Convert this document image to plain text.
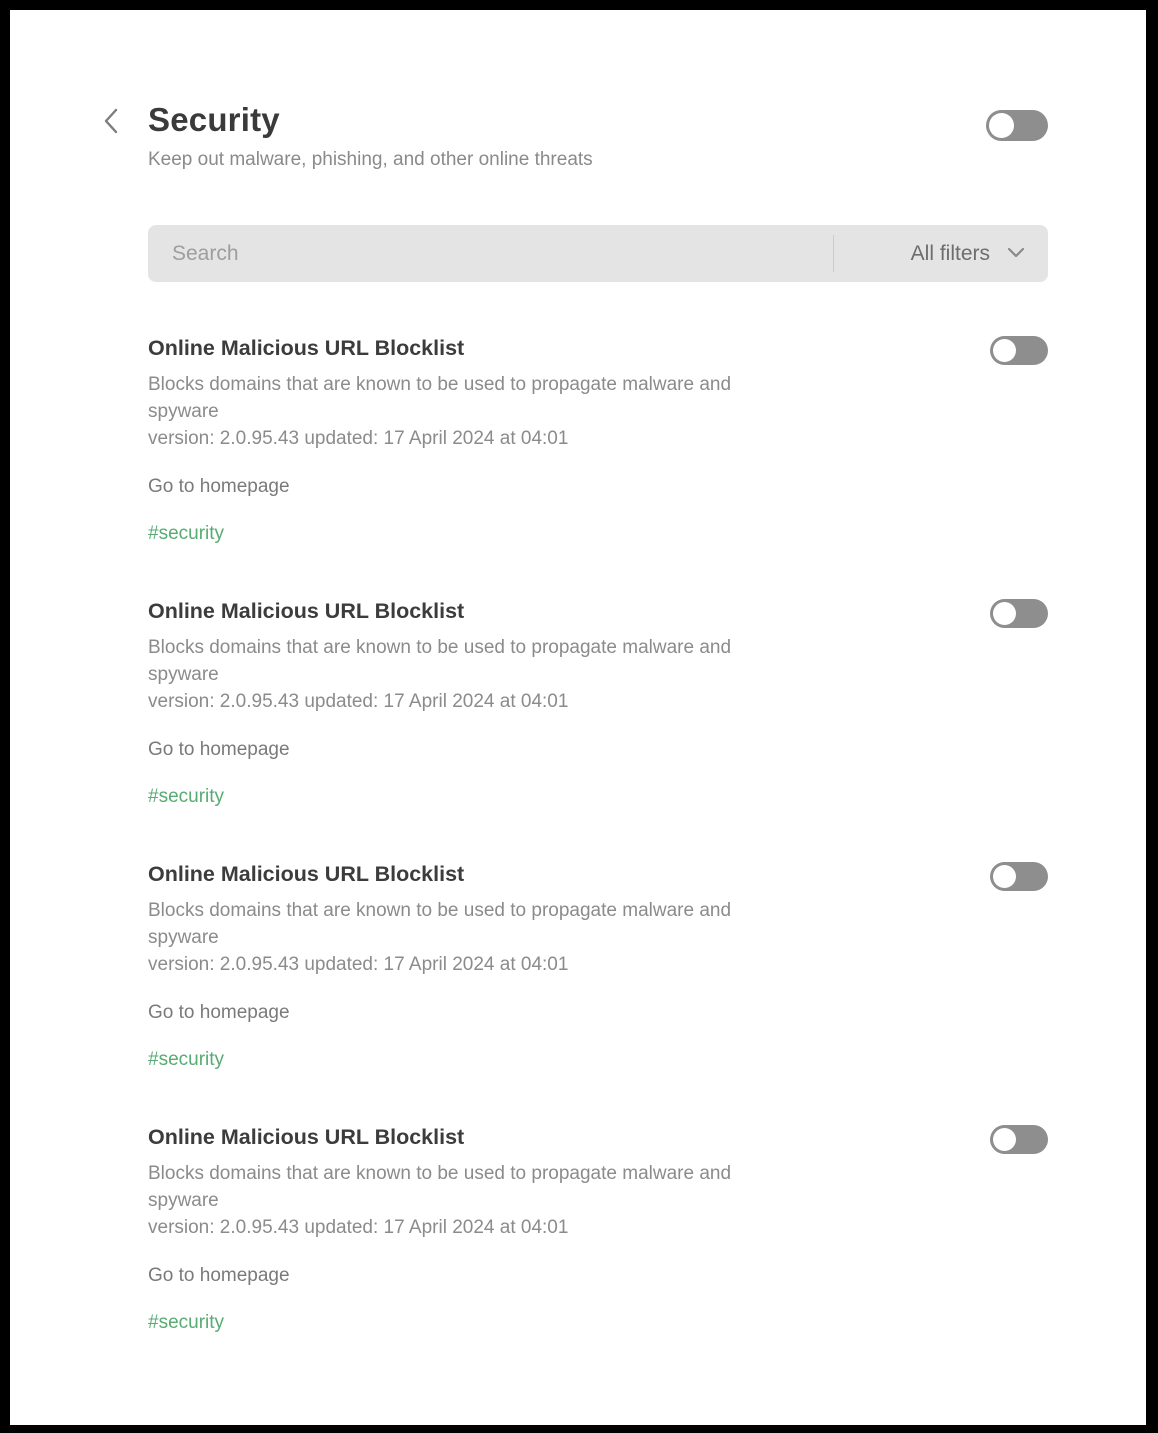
Security

Keep out malware, phishing, and other online threats

Search
All filters
Online Malicious URL Blocklist
Blocks domains that are known to be used to propagate malware and spyware
version: 2.0.95.43 updated: 17 April 2024 at 04:01
Go to homepage
#security
Online Malicious URL Blocklist
Blocks domains that are known to be used to propagate malware and spyware
version: 2.0.95.43 updated: 17 April 2024 at 04:01
Go to homepage
#security
Online Malicious URL Blocklist
Blocks domains that are known to be used to propagate malware and spyware
version: 2.0.95.43 updated: 17 April 2024 at 04:01
Go to homepage
#security
Online Malicious URL Blocklist
Blocks domains that are known to be used to propagate malware and spyware
version: 2.0.95.43 updated: 17 April 2024 at 04:01
Go to homepage
#security
